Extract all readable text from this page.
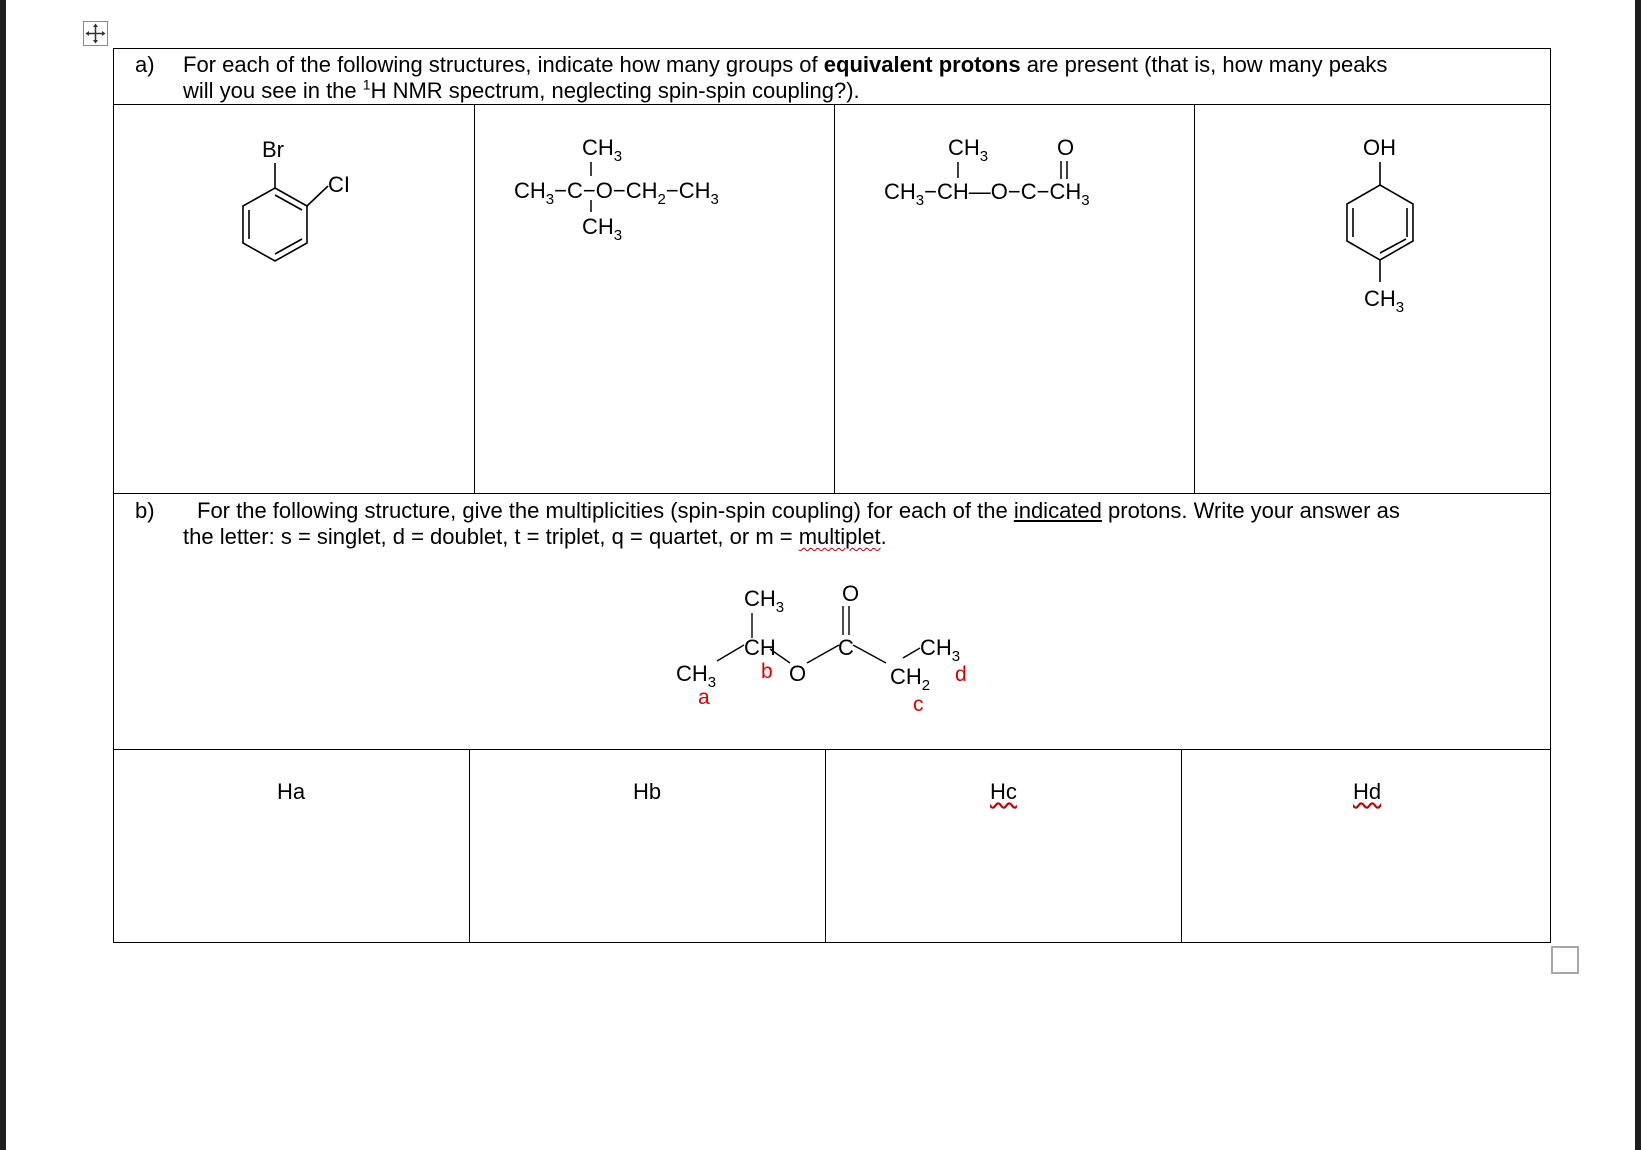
a) For each of the following structures, indicate how many groups of equivalent protons are present (that is, how many peaks
will you see in the $^1$H NMR spectrum, neglecting spin-spin coupling?).
Br
CI
$CH_3$
$CH_3-C-O-CH_2-CH_3$
$CH_3$
$CH_3$	O
$CH_3-CH—O-C-CH_3$
OH
$CH_3$
b) For the following structure, give the multiplicities (spin-spin coupling) for each of the indicated protons. Write your answer as
the letter: s = singlet, d = doublet, t = triplet, q = quartet, or m = multiplet.
$CH_3$
O
CH	C	$CH_3$
$CH_3$ b O	$CH_2$ d
a	c
Ha	Hb	Hc	Hd
